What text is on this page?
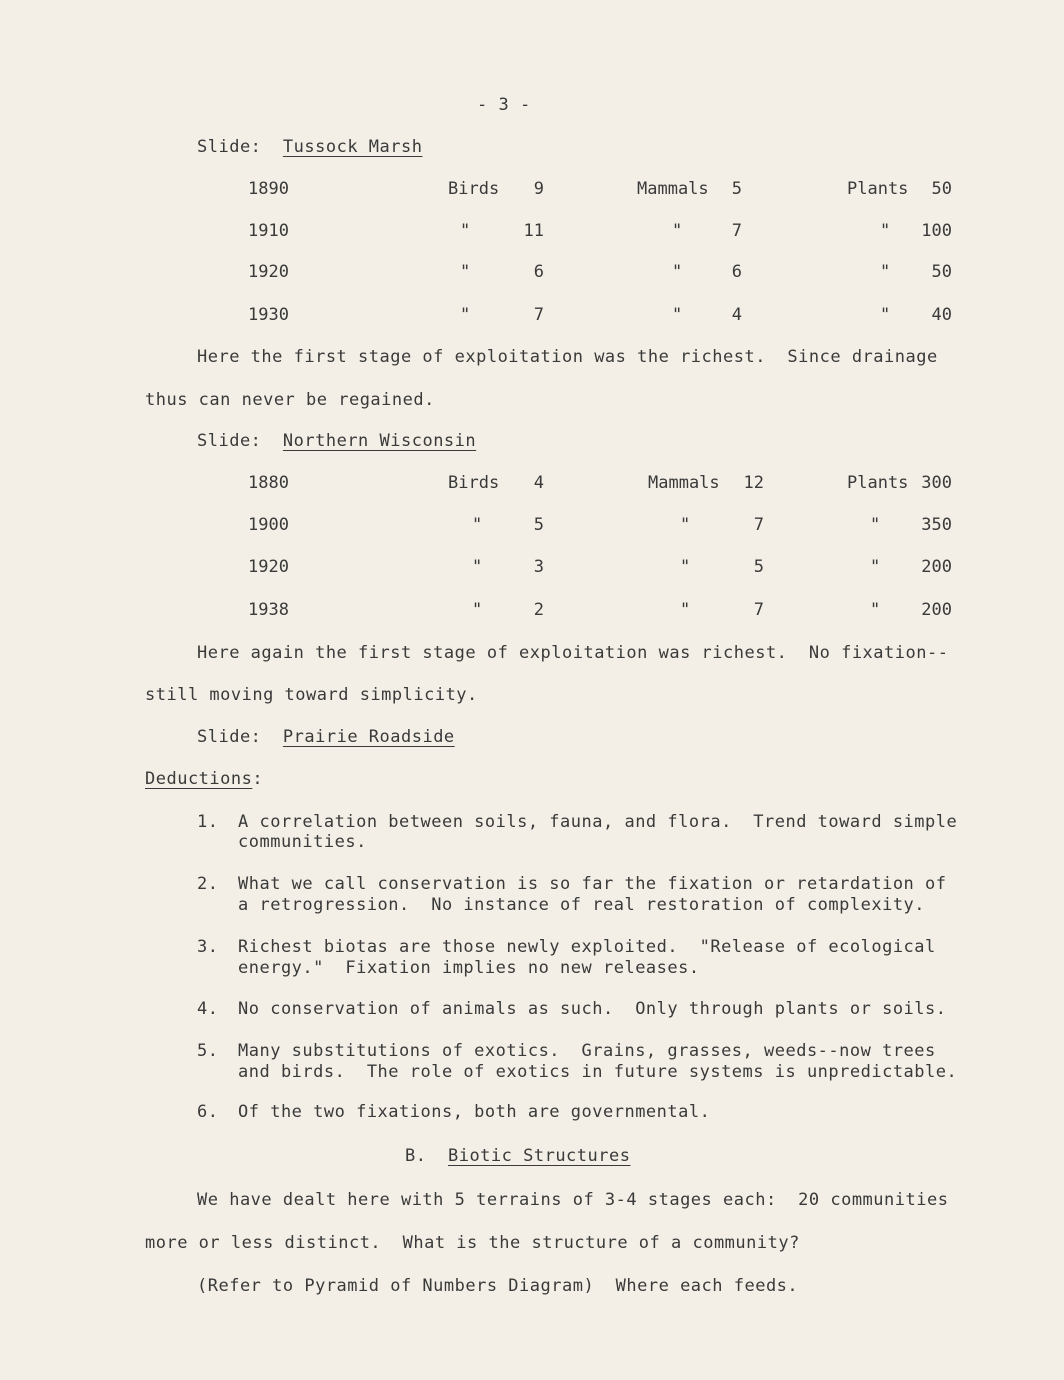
- 3 -
Slide: Tussock Marsh
1890	Birds	9	Mammals	5	Plants	50
1910	"	11	"	7	"	100
1920	"	6	"	6	"	50
1930	"	7	"	4	"	40
Here the first stage of exploitation was the richest.  Since drainage
thus can never be regained.
Slide: Northern Wisconsin
1880	Birds	4	Mammals	12	Plants 300
1900	"	5	"	7	"	350
1920	"	3	"	5	"	200
1938	"	2	"	7	"	200
Here again the first stage of exploitation was richest.  No fixation--
still moving toward simplicity.
Slide: Prairie Roadside
Deductions:
1. A correlation between soils, fauna, and flora.  Trend toward simple
communities.
2. What we call conservation is so far the fixation or retardation of
a retrogression.  No instance of real restoration of complexity.
3. Richest biotas are those newly exploited.  "Release of ecological
energy."  Fixation implies no new releases.
4. No conservation of animals as such.  Only through plants or soils.
5. Many substitutions of exotics.  Grains, grasses, weeds--now trees
and birds.  The role of exotics in future systems is unpredictable.
6. Of the two fixations, both are governmental.
B. Biotic Structures
We have dealt here with 5 terrains of 3-4 stages each:  20 communities
more or less distinct.  What is the structure of a community?
(Refer to Pyramid of Numbers Diagram)  Where each feeds.
